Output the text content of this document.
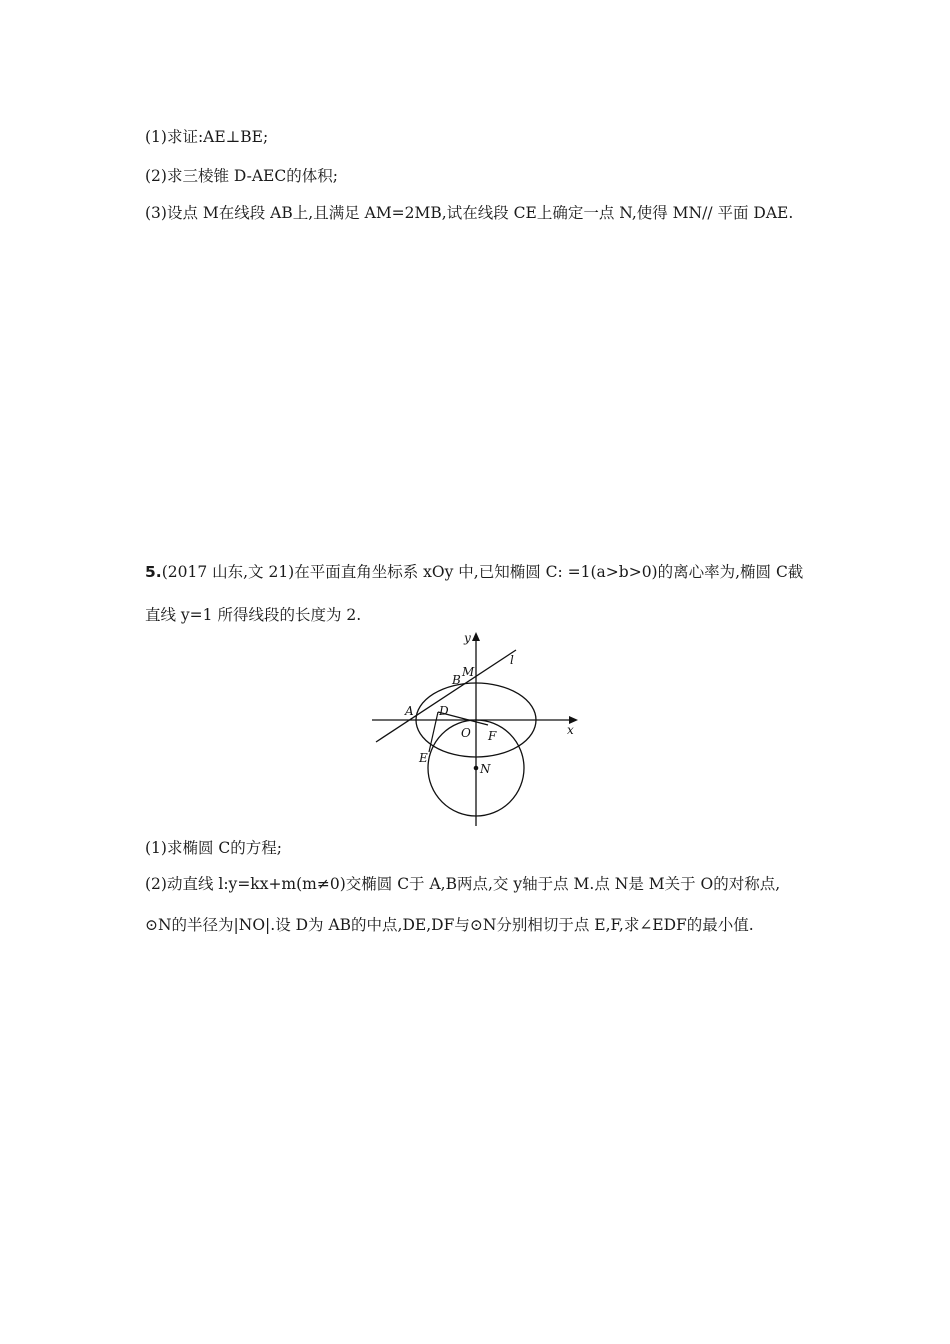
(1)求证:AE⊥BE;
(2)求三棱锥 D-AEC的体积;
(3)设点 M在线段 AB上,且满足 AM=2MB,试在线段 CE上确定一点 N,使得 MN// 平面 DAE.
5.(2017 山东,文 21)在平面直角坐标系 xOy 中,已知椭圆 C: =1(a>b>0)的离心率为,椭圆 C截
直线 y=1 所得线段的长度为 2.
y
x
l
M
B
A D
O F
E
N
(1)求椭圆 C的方程;
(2)动直线 l:y=kx+m(m≠0)交椭圆 C于 A,B两点,交 y轴于点 M.点 N是 M关于 O的对称点,
⊙N的半径为|NO|.设 D为 AB的中点,DE,DF与⊙N分别相切于点 E,F,求∠EDF的最小值.
